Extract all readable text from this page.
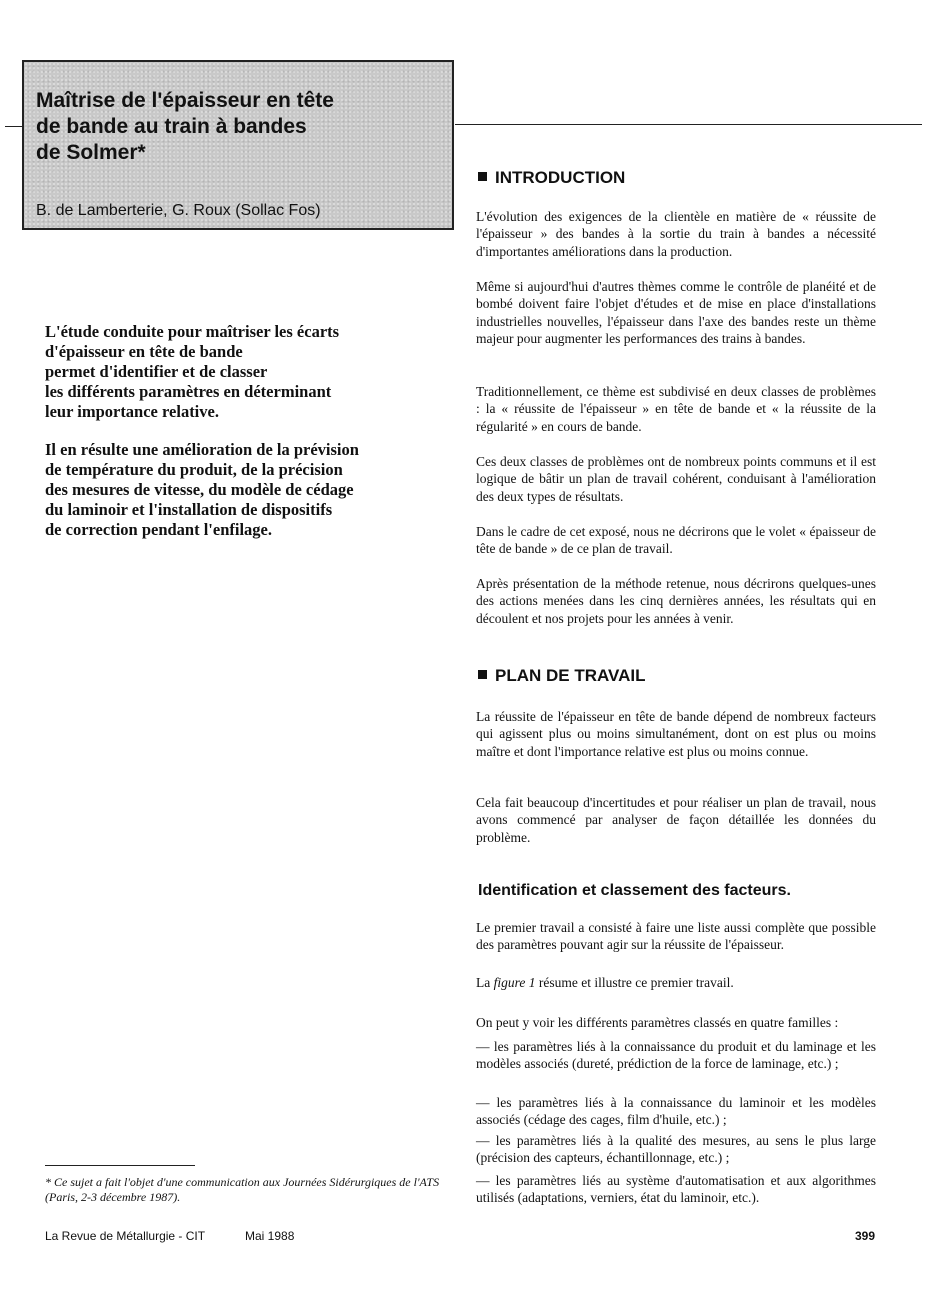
Maîtrise de l'épaisseur en tête
de bande au train à bandes
de Solmer*
B. de Lamberterie, G. Roux (Sollac Fos)

L'étude conduite pour maîtriser les écarts
d'épaisseur en tête de bande
permet d'identifier et de classer
les différents paramètres en déterminant
leur importance relative.

Il en résulte une amélioration de la prévision
de température du produit, de la précision
des mesures de vitesse, du modèle de cédage
du laminoir et l'installation de dispositifs
de correction pendant l'enfilage.

* Ce sujet a fait l'objet d'une communication aux Journées Sidérurgiques de l'ATS (Paris, 2-3 décembre 1987).
La Revue de Métallurgie - CIT	Mai 1988	399
INTRODUCTION
L'évolution des exigences de la clientèle en matière de « réussite de l'épaisseur » des bandes à la sortie du train à bandes a nécessité d'importantes améliorations dans la production.
Même si aujourd'hui d'autres thèmes comme le contrôle de planéité et de bombé doivent faire l'objet d'études et de mise en place d'installations industrielles nouvelles, l'épaisseur dans l'axe des bandes reste un thème majeur pour augmenter les performances des trains à bandes.
Traditionnellement, ce thème est subdivisé en deux classes de problèmes : la « réussite de l'épaisseur » en tête de bande et « la réussite de la régularité » en cours de bande.
Ces deux classes de problèmes ont de nombreux points communs et il est logique de bâtir un plan de travail cohérent, conduisant à l'amélioration des deux types de résultats.
Dans le cadre de cet exposé, nous ne décrirons que le volet « épaisseur de tête de bande » de ce plan de travail.
Après présentation de la méthode retenue, nous décrirons quelques-unes des actions menées dans les cinq dernières années, les résultats qui en découlent et nos projets pour les années à venir.
PLAN DE TRAVAIL
La réussite de l'épaisseur en tête de bande dépend de nombreux facteurs qui agissent plus ou moins simultanément, dont on est plus ou moins maître et dont l'importance relative est plus ou moins connue.
Cela fait beaucoup d'incertitudes et pour réaliser un plan de travail, nous avons commencé par analyser de façon détaillée les données du problème.
Identification et classement des facteurs.
Le premier travail a consisté à faire une liste aussi complète que possible des paramètres pouvant agir sur la réussite de l'épaisseur.
La figure 1 résume et illustre ce premier travail.
On peut y voir les différents paramètres classés en quatre familles :
— les paramètres liés à la connaissance du produit et du laminage et les modèles associés (dureté, prédiction de la force de laminage, etc.) ;
— les paramètres liés à la connaissance du laminoir et les modèles associés (cédage des cages, film d'huile, etc.) ;
— les paramètres liés à la qualité des mesures, au sens le plus large (précision des capteurs, échantillonnage, etc.) ;
— les paramètres liés au système d'automatisation et aux algorithmes utilisés (adaptations, verniers, état du laminoir, etc.).
